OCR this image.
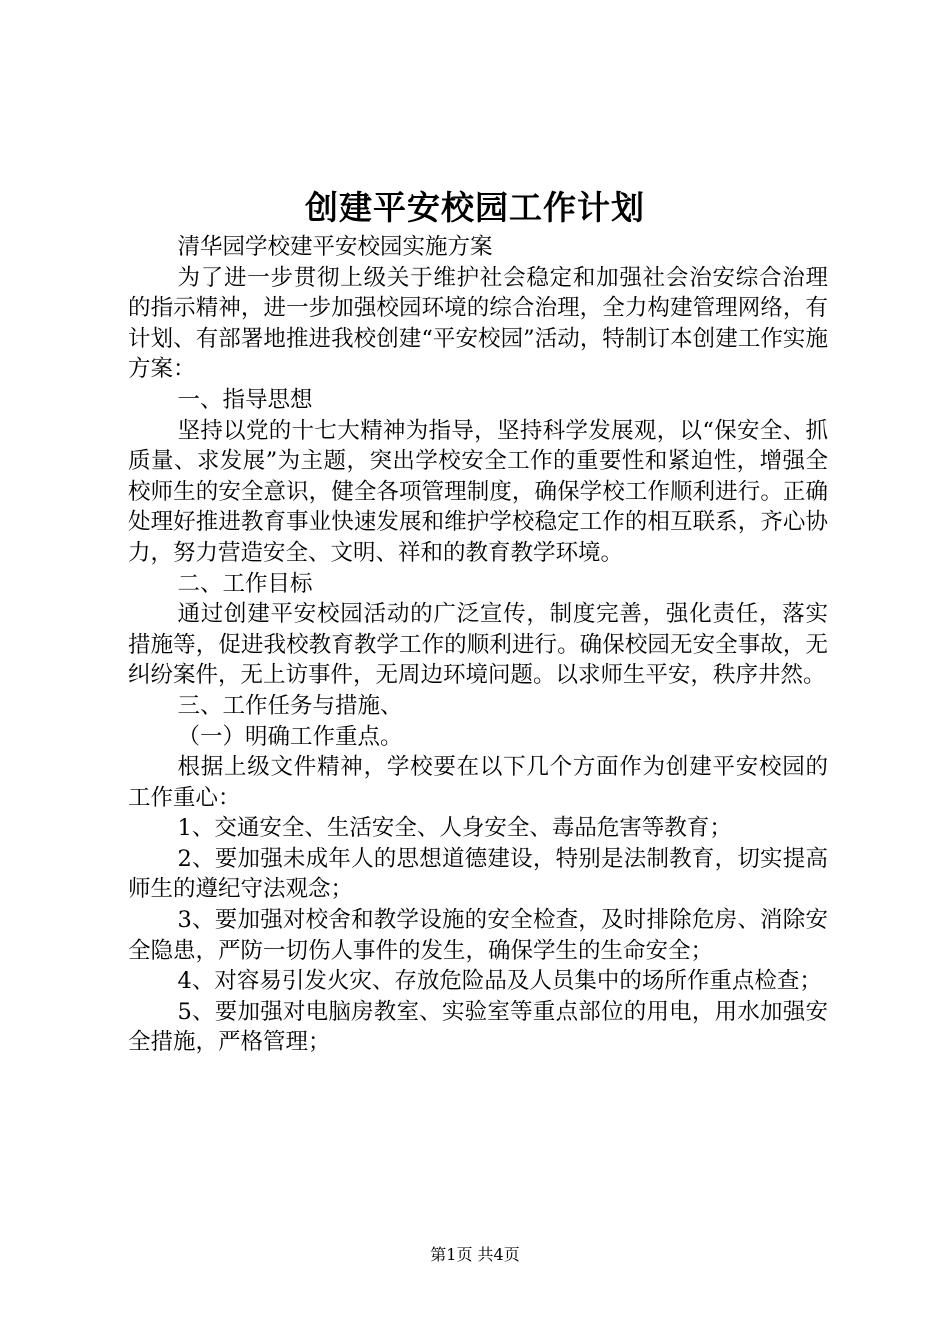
创建平安校园工作计划

清华园学校建平安校园实施方案

为了进一步贯彻上级关于维护社会稳定和加强社会治安综合治理的指示精神，进一步加强校园环境的综合治理，全力构建管理网络，有计划、有部署地推进我校创建“平安校园”活动，特制订本创建工作实施方案：

一、指导思想

坚持以党的十七大精神为指导，坚持科学发展观，以“保安全、抓质量、求发展”为主题，突出学校安全工作的重要性和紧迫性，增强全校师生的安全意识，健全各项管理制度，确保学校工作顺利进行。正确处理好推进教育事业快速发展和维护学校稳定工作的相互联系，齐心协力，努力营造安全、文明、祥和的教育教学环境。

二、工作目标

通过创建平安校园活动的广泛宣传，制度完善，强化责任，落实措施等，促进我校教育教学工作的顺利进行。确保校园无安全事故，无纠纷案件，无上访事件，无周边环境问题。以求师生平安，秩序井然。

三、工作任务与措施、

（一）明确工作重点。

根据上级文件精神，学校要在以下几个方面作为创建平安校园的工作重心：

1、交通安全、生活安全、人身安全、毒品危害等教育；

2、要加强未成年人的思想道德建设，特别是法制教育，切实提高师生的遵纪守法观念；

3、要加强对校舍和教学设施的安全检查，及时排除危房、消除安全隐患，严防一切伤人事件的发生，确保学生的生命安全；

4、对容易引发火灾、存放危险品及人员集中的场所作重点检查；

5、要加强对电脑房教室、实验室等重点部位的用电，用水加强安全措施，严格管理；

第1页 共4页
